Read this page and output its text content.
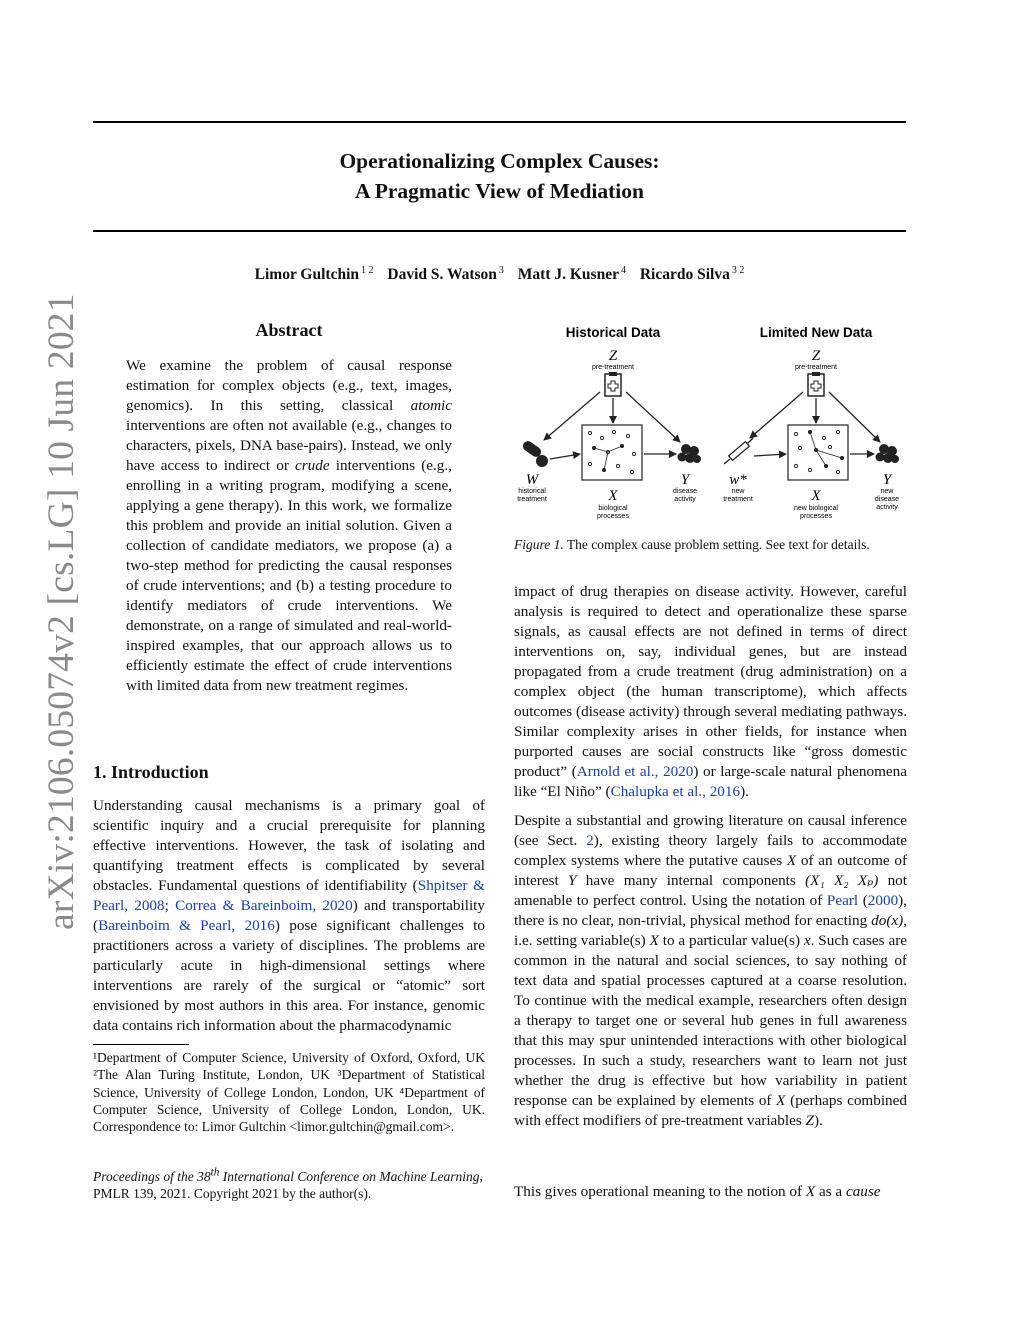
arXiv:2106.05074v2 [cs.LG] 10 Jun 2021
Operationalizing Complex Causes:
A Pragmatic View of Mediation
Limor Gultchin $^{1 2}$ David S. Watson $^3$ Matt J. Kusner $^4$ Ricardo Silva $^{3 2}$
Abstract
We examine the problem of causal response estimation for complex objects (e.g., text, images, genomics). In this setting, classical atomic interventions are often not available (e.g., changes to characters, pixels, DNA base-pairs). Instead, we only have access to indirect or crude interventions (e.g., enrolling in a writing program, modifying a scene, applying a gene therapy). In this work, we formalize this problem and provide an initial solution. Given a collection of candidate mediators, we propose (a) a two-step method for predicting the causal responses of crude interventions; and (b) a testing procedure to identify mediators of crude interventions. We demonstrate, on a range of simulated and real-world-inspired examples, that our approach allows us to efficiently estimate the effect of crude interventions with limited data from new treatment regimes.
1. Introduction
Understanding causal mechanisms is a primary goal of scientific inquiry and a crucial prerequisite for planning effective interventions. However, the task of isolating and quantifying treatment effects is complicated by several obstacles. Fundamental questions of identifiability (Shpitser & Pearl, 2008; Correa & Bareinboim, 2020) and transportability (Bareinboim & Pearl, 2016) pose significant challenges to practitioners across a variety of disciplines. The problems are particularly acute in high-dimensional settings where interventions are rarely of the surgical or “atomic” sort envisioned by most authors in this area. For instance, genomic data contains rich information about the pharmacodynamic
¹Department of Computer Science, University of Oxford, Oxford, UK ²The Alan Turing Institute, London, UK ³Department of Statistical Science, University of College London, London, UK ⁴Department of Computer Science, University of College London, London, UK. Correspondence to: Limor Gultchin <limor.gultchin@gmail.com>.
Proceedings of the 38th International Conference on Machine Learning, PMLR 139, 2021. Copyright 2021 by the author(s).
Historical Data
Z
pre-treatment
W
historical
treatment	X
biological
processes
Y
disease
activity
Limited New Data
Z
pre-treatment
w*
new
treatment	X
new biological
processes
Y
new
disease
activity
Figure 1. The complex cause problem setting. See text for details.
impact of drug therapies on disease activity. However, careful analysis is required to detect and operationalize these sparse signals, as causal effects are not defined in terms of direct interventions on, say, individual genes, but are instead propagated from a crude treatment (drug administration) on a complex object (the human transcriptome), which affects outcomes (disease activity) through several mediating pathways. Similar complexity arises in other fields, for instance when purported causes are social constructs like “gross domestic product” (Arnold et al., 2020) or large-scale natural phenomena like “El Niño” (Chalupka et al., 2016).
Despite a substantial and growing literature on causal inference (see Sect. 2), existing theory largely fails to accommodate complex systems where the putative causes X of an outcome of interest Y have many internal components (X₁ X₂ Xₚ) not amenable to perfect control. Using the notation of Pearl (2000), there is no clear, non-trivial, physical method for enacting do(x), i.e. setting variable(s) X to a particular value(s) x. Such cases are common in the natural and social sciences, to say nothing of text data and spatial processes captured at a coarse resolution. To continue with the medical example, researchers often design a therapy to target one or several hub genes in full awareness that this may spur unintended interactions with other biological processes. In such a study, researchers want to learn not just whether the drug is effective but how variability in patient response can be explained by elements of X (perhaps combined with effect modifiers of pre-treatment variables Z).
This gives operational meaning to the notion of X as a cause
